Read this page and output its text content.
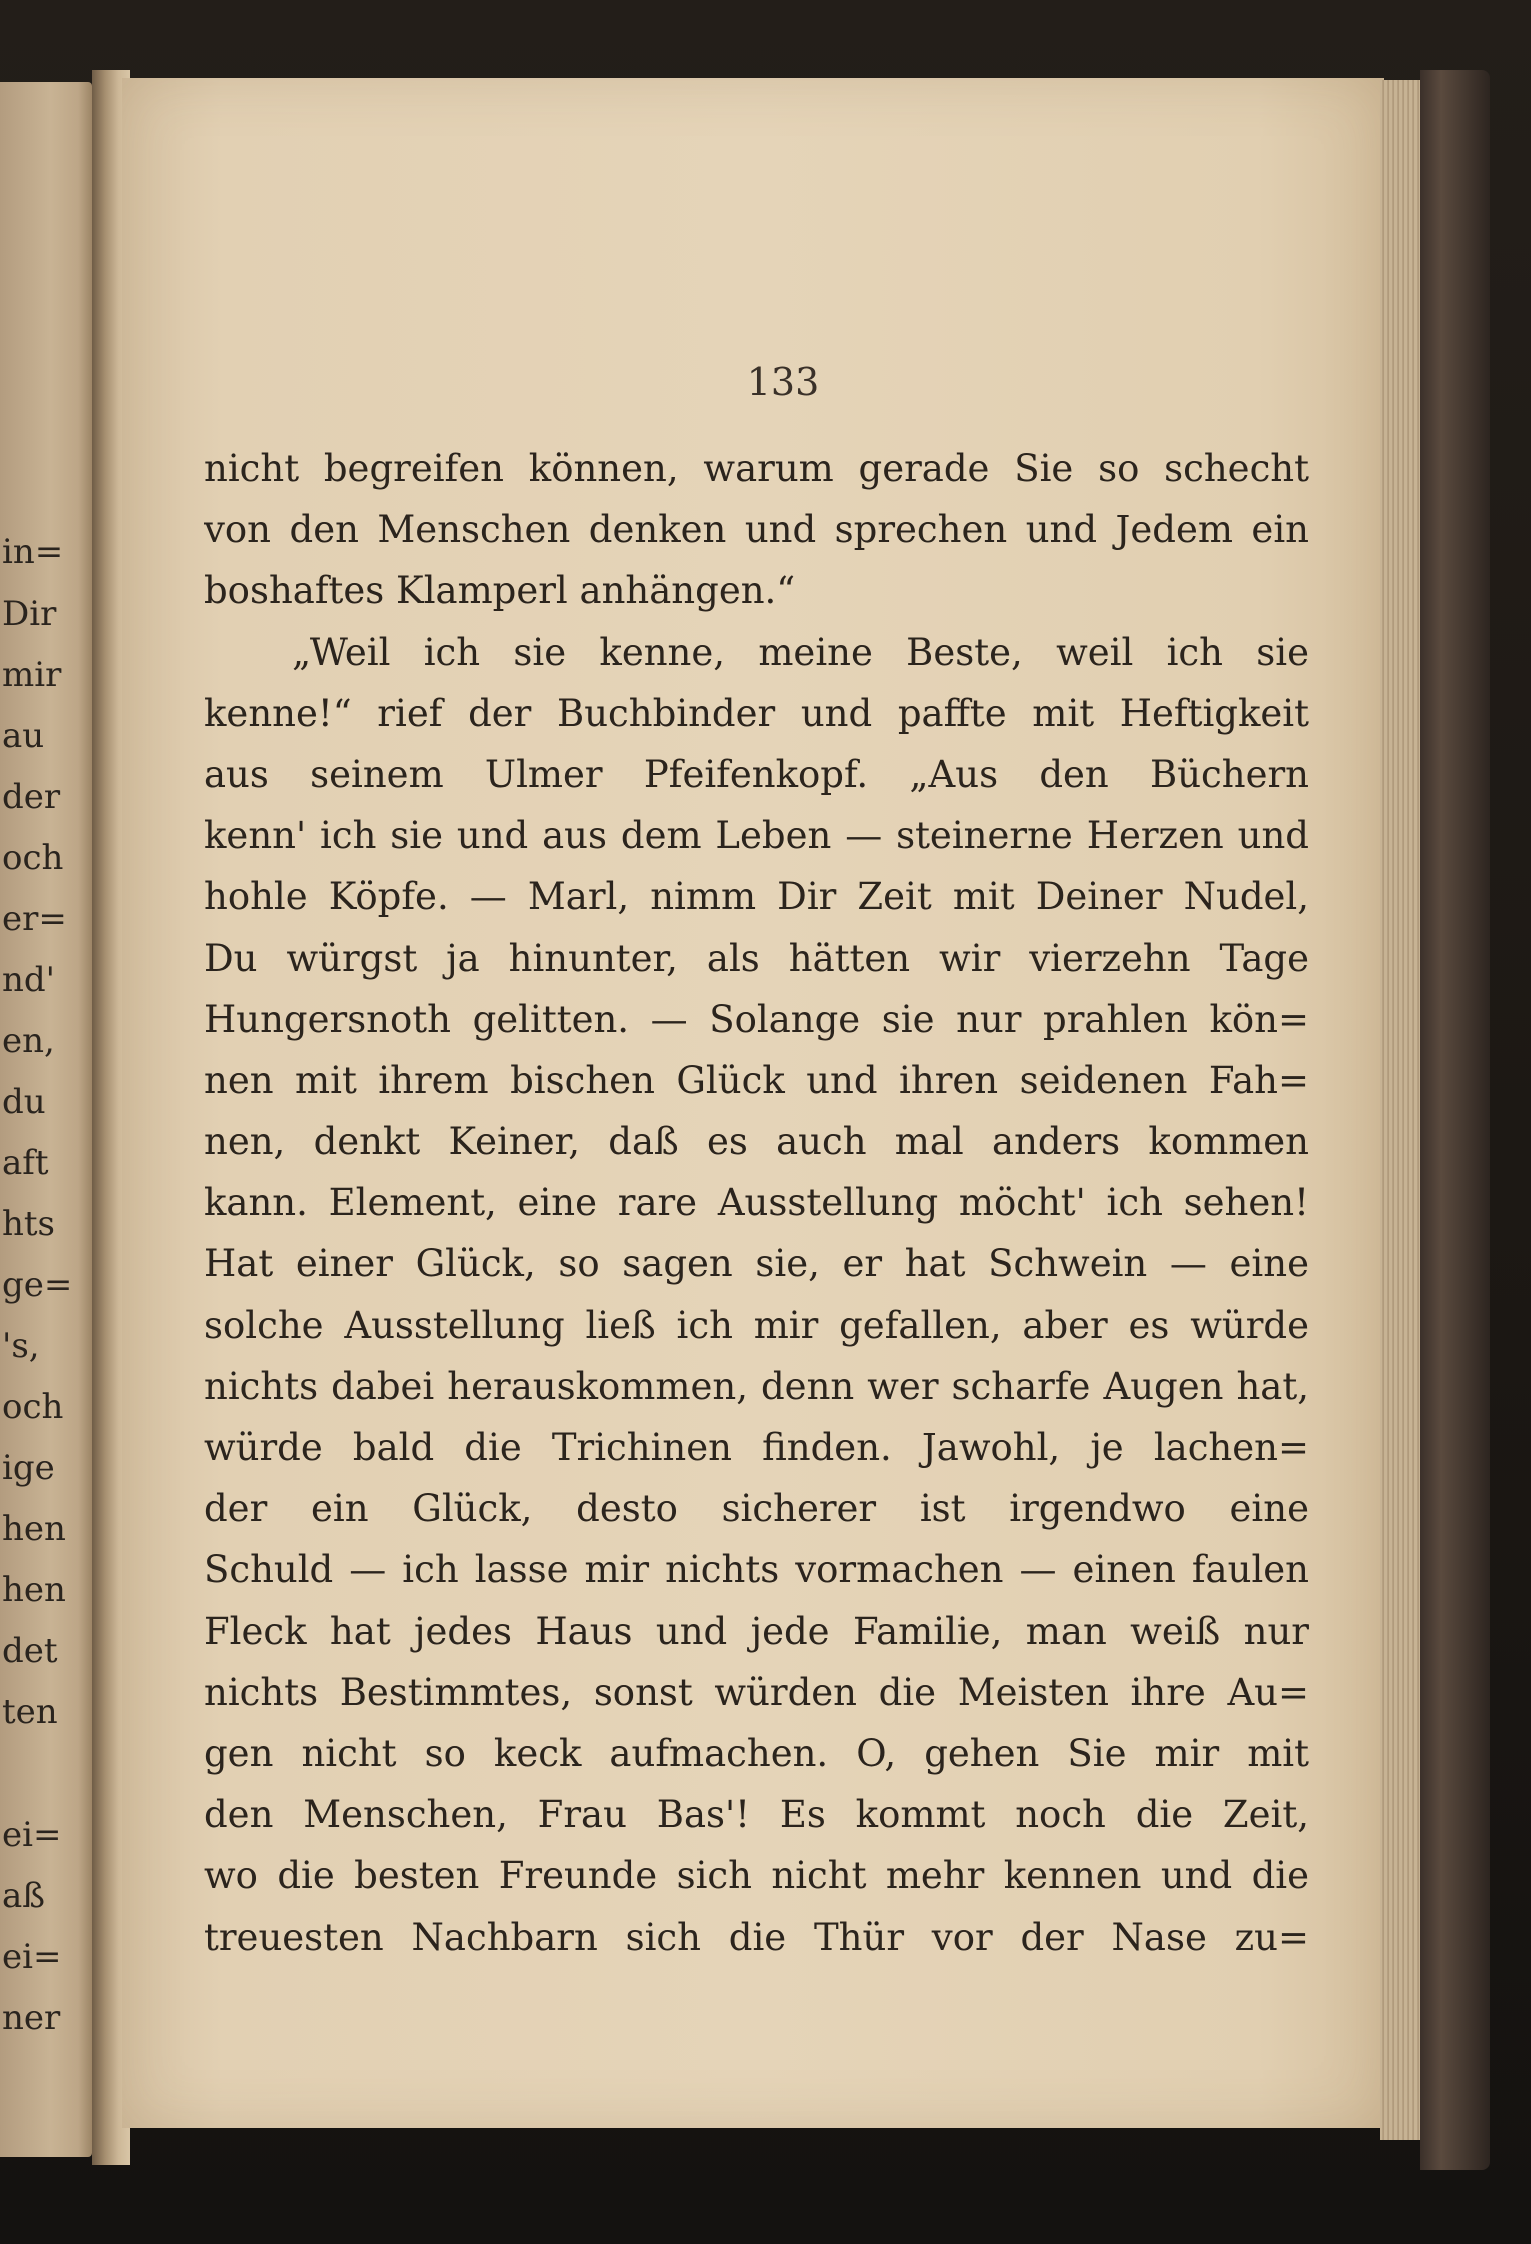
in=
Dir
mir
au
der
och
er=
nd'
en,
du
aft
hts
ge=
's,
och
ige
hen
hen
det
ten
ei=
aß
ei=
ner
133
nicht begreifen können, warum gerade Sie so schecht
von den Menschen denken und sprechen und Jedem ein
boshaftes Klamperl anhängen.“
„Weil ich sie kenne, meine Beste, weil ich sie
kenne!“ rief der Buchbinder und paffte mit Heftigkeit
aus seinem Ulmer Pfeifenkopf. „Aus den Büchern
kenn' ich sie und aus dem Leben — steinerne Herzen und
hohle Köpfe. — Marl, nimm Dir Zeit mit Deiner Nudel,
Du würgst ja hinunter, als hätten wir vierzehn Tage
Hungersnoth gelitten. — Solange sie nur prahlen kön=
nen mit ihrem bischen Glück und ihren seidenen Fah=
nen, denkt Keiner, daß es auch mal anders kommen
kann. Element, eine rare Ausstellung möcht' ich sehen!
Hat einer Glück, so sagen sie, er hat Schwein — eine
solche Ausstellung ließ ich mir gefallen, aber es würde
nichts dabei herauskommen, denn wer scharfe Augen hat,
würde bald die Trichinen finden. Jawohl, je lachen=
der ein Glück, desto sicherer ist irgendwo eine
Schuld — ich lasse mir nichts vormachen — einen faulen
Fleck hat jedes Haus und jede Familie, man weiß nur
nichts Bestimmtes, sonst würden die Meisten ihre Au=
gen nicht so keck aufmachen. O, gehen Sie mir mit
den Menschen, Frau Bas'! Es kommt noch die Zeit,
wo die besten Freunde sich nicht mehr kennen und die
treuesten Nachbarn sich die Thür vor der Nase zu=
